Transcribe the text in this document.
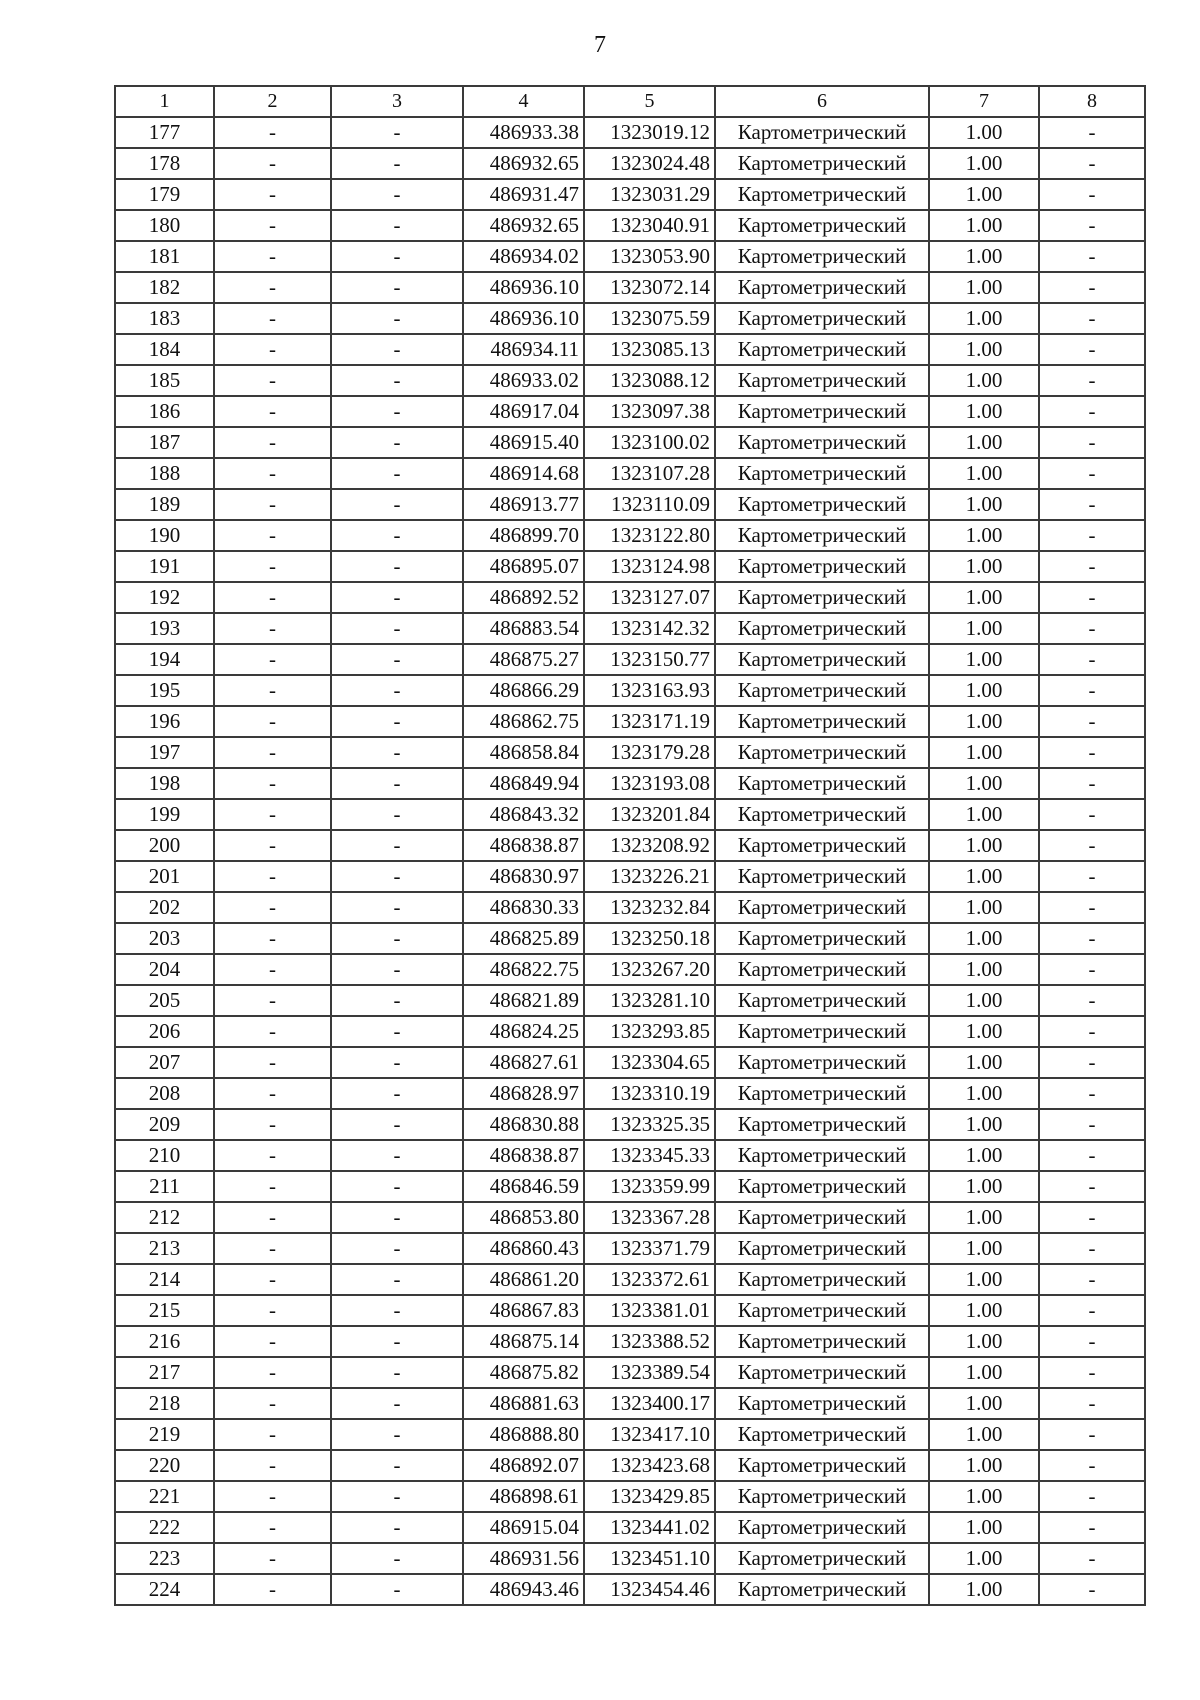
7
1	2	3	4	5	6	7	8
177	-	-	486933.38	1323019.12	Картометрический	1.00	-
178	-	-	486932.65	1323024.48	Картометрический	1.00	-
179	-	-	486931.47	1323031.29	Картометрический	1.00	-
180	-	-	486932.65	1323040.91	Картометрический	1.00	-
181	-	-	486934.02	1323053.90	Картометрический	1.00	-
182	-	-	486936.10	1323072.14	Картометрический	1.00	-
183	-	-	486936.10	1323075.59	Картометрический	1.00	-
184	-	-	486934.11	1323085.13	Картометрический	1.00	-
185	-	-	486933.02	1323088.12	Картометрический	1.00	-
186	-	-	486917.04	1323097.38	Картометрический	1.00	-
187	-	-	486915.40	1323100.02	Картометрический	1.00	-
188	-	-	486914.68	1323107.28	Картометрический	1.00	-
189	-	-	486913.77	1323110.09	Картометрический	1.00	-
190	-	-	486899.70	1323122.80	Картометрический	1.00	-
191	-	-	486895.07	1323124.98	Картометрический	1.00	-
192	-	-	486892.52	1323127.07	Картометрический	1.00	-
193	-	-	486883.54	1323142.32	Картометрический	1.00	-
194	-	-	486875.27	1323150.77	Картометрический	1.00	-
195	-	-	486866.29	1323163.93	Картометрический	1.00	-
196	-	-	486862.75	1323171.19	Картометрический	1.00	-
197	-	-	486858.84	1323179.28	Картометрический	1.00	-
198	-	-	486849.94	1323193.08	Картометрический	1.00	-
199	-	-	486843.32	1323201.84	Картометрический	1.00	-
200	-	-	486838.87	1323208.92	Картометрический	1.00	-
201	-	-	486830.97	1323226.21	Картометрический	1.00	-
202	-	-	486830.33	1323232.84	Картометрический	1.00	-
203	-	-	486825.89	1323250.18	Картометрический	1.00	-
204	-	-	486822.75	1323267.20	Картометрический	1.00	-
205	-	-	486821.89	1323281.10	Картометрический	1.00	-
206	-	-	486824.25	1323293.85	Картометрический	1.00	-
207	-	-	486827.61	1323304.65	Картометрический	1.00	-
208	-	-	486828.97	1323310.19	Картометрический	1.00	-
209	-	-	486830.88	1323325.35	Картометрический	1.00	-
210	-	-	486838.87	1323345.33	Картометрический	1.00	-
211	-	-	486846.59	1323359.99	Картометрический	1.00	-
212	-	-	486853.80	1323367.28	Картометрический	1.00	-
213	-	-	486860.43	1323371.79	Картометрический	1.00	-
214	-	-	486861.20	1323372.61	Картометрический	1.00	-
215	-	-	486867.83	1323381.01	Картометрический	1.00	-
216	-	-	486875.14	1323388.52	Картометрический	1.00	-
217	-	-	486875.82	1323389.54	Картометрический	1.00	-
218	-	-	486881.63	1323400.17	Картометрический	1.00	-
219	-	-	486888.80	1323417.10	Картометрический	1.00	-
220	-	-	486892.07	1323423.68	Картометрический	1.00	-
221	-	-	486898.61	1323429.85	Картометрический	1.00	-
222	-	-	486915.04	1323441.02	Картометрический	1.00	-
223	-	-	486931.56	1323451.10	Картометрический	1.00	-
224	-	-	486943.46	1323454.46	Картометрический	1.00	-
